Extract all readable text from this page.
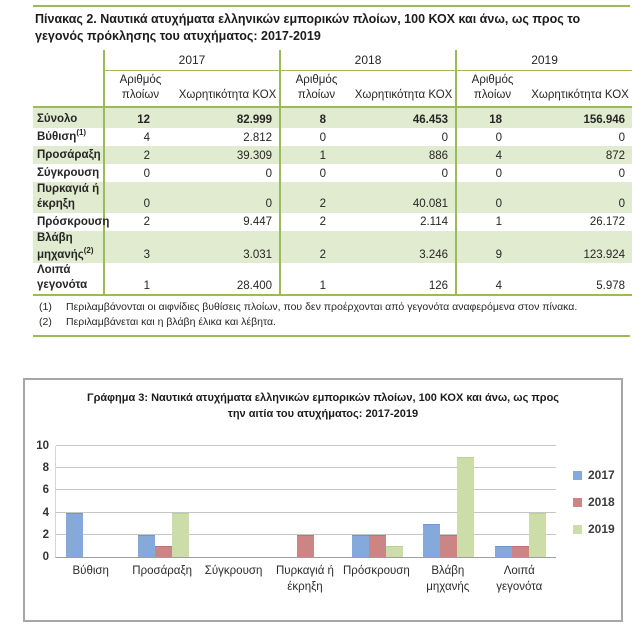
Πίνακας 2. Ναυτικά ατυχήματα ελληνικών εμπορικών πλοίων, 100 ΚΟΧ και άνω, ως προς το γεγονός πρόκλησης του ατυχήματος: 2017-2019
	2017		2018		2019	
	Αριθμός πλοίων	Χωρητικότητα ΚΟΧ	Αριθμός πλοίων	Χωρητικότητα ΚΟΧ	Αριθμός πλοίων	Χωρητικότητα ΚΟΧ
Σύνολο	12	82.999	8	46.453	18	156.946
Βύθιση$^{(1)}$	4	2.812	0	0	0	0
Προσάραξη	2	39.309	1	886	4	872
Σύγκρουση	0	0	0	0	0	0
Πυρκαγιά ή έκρηξη	0	0	2	40.081	0	0
Πρόσκρουση	2	9.447	2	2.114	1	26.172
Βλάβη μηχανής$^{(2)}$	3	3.031	2	3.246	9	123.924
Λοιπά γεγονότα	1	28.400	1	126	4	5.978
(1)	Περιλαμβάνονται οι αιφνίδιες βυθίσεις πλοίων, που δεν προέρχονται από γεγονότα αναφερόμενα στον πίνακα.
(2)	Περιλαμβάνεται και η βλάβη έλικα και λέβητα.
Γράφημα 3: Ναυτικά ατυχήματα ελληνικών εμπορικών πλοίων, 100 ΚΟΧ και άνω, ως προς την αιτία του ατυχήματος: 2017-2019
0
2
4
6
8
10
Βύθιση	Προσάραξη	Σύγκρουση	Πυρκαγιά ή έκρηξη
Πρόσκρουση	Βλάβη μηχανής
Λοιπά γεγονότα
2017
2018
2019
